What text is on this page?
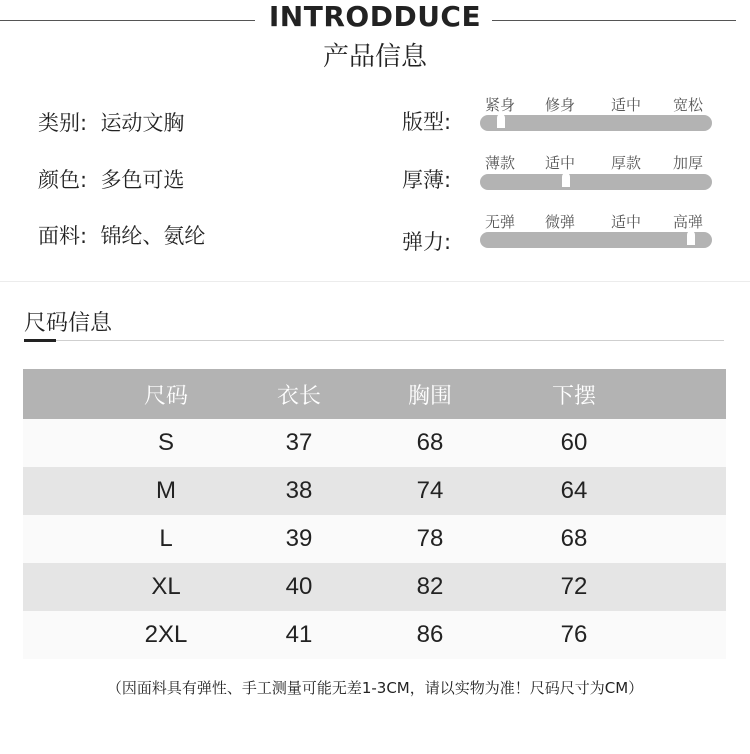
INTRODDUCE
产品信息
类别: 运动文胸
颜色: 多色可选
面料: 锦纶、氨纶
版型:
紧身 修身 适中 宽松
厚薄:
薄款 适中 厚款 加厚
弹力:
无弹 微弹 适中 高弹
尺码信息
尺码	衣长	胸围	下摆
S	37	68	60
M	38	74	64
L	39	78	68
XL	40	82	72
2XL	41	86	76
（因面料具有弹性、手工测量可能无差1-3CM，请以实物为准！尺码尺寸为CM）
